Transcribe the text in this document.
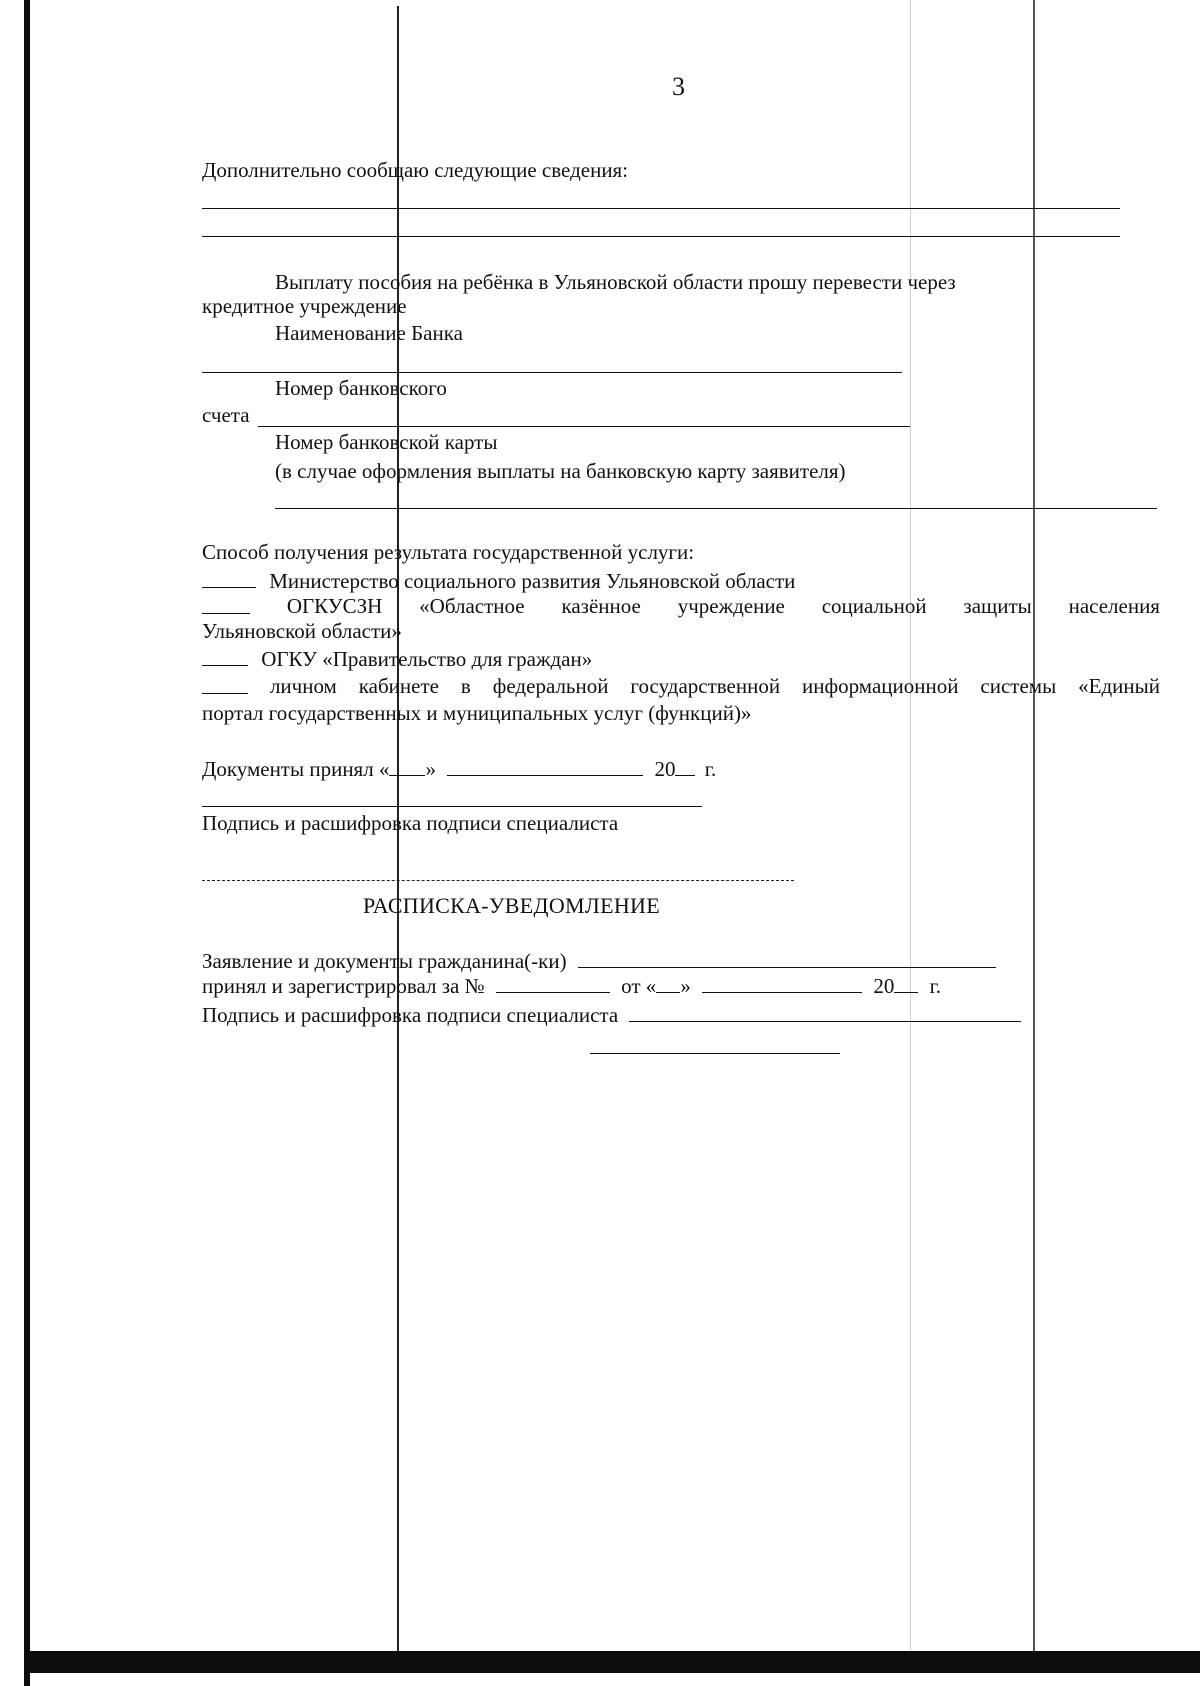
3
Дополнительно сообщаю следующие сведения:
Выплату пособия на ребёнка в Ульяновской области прошу перевести через
кредитное учреждение
Наименование Банка
Номер банковского
счета
Номер банковской карты
(в случае оформления выплаты на банковскую карту заявителя)
Способ получения результата государственной услуги:
Министерство социального развития Ульяновской области
ОГКУСЗН «Областное казённое учреждение социальной защиты населения
Ульяновской области»
ОГКУ «Правительство для граждан»
личном кабинете в федеральной государственной информационной системы «Единый
портал государственных и муниципальных услуг (функций)»
Документы принял « »	20 г.
Подпись и расшифровка подписи специалиста
РАСПИСКА-УВЕДОМЛЕНИЕ
Заявление и документы гражданина(-ки)
принял и зарегистрировал за №	от « »	20 г.
Подпись и расшифровка подписи специалиста
